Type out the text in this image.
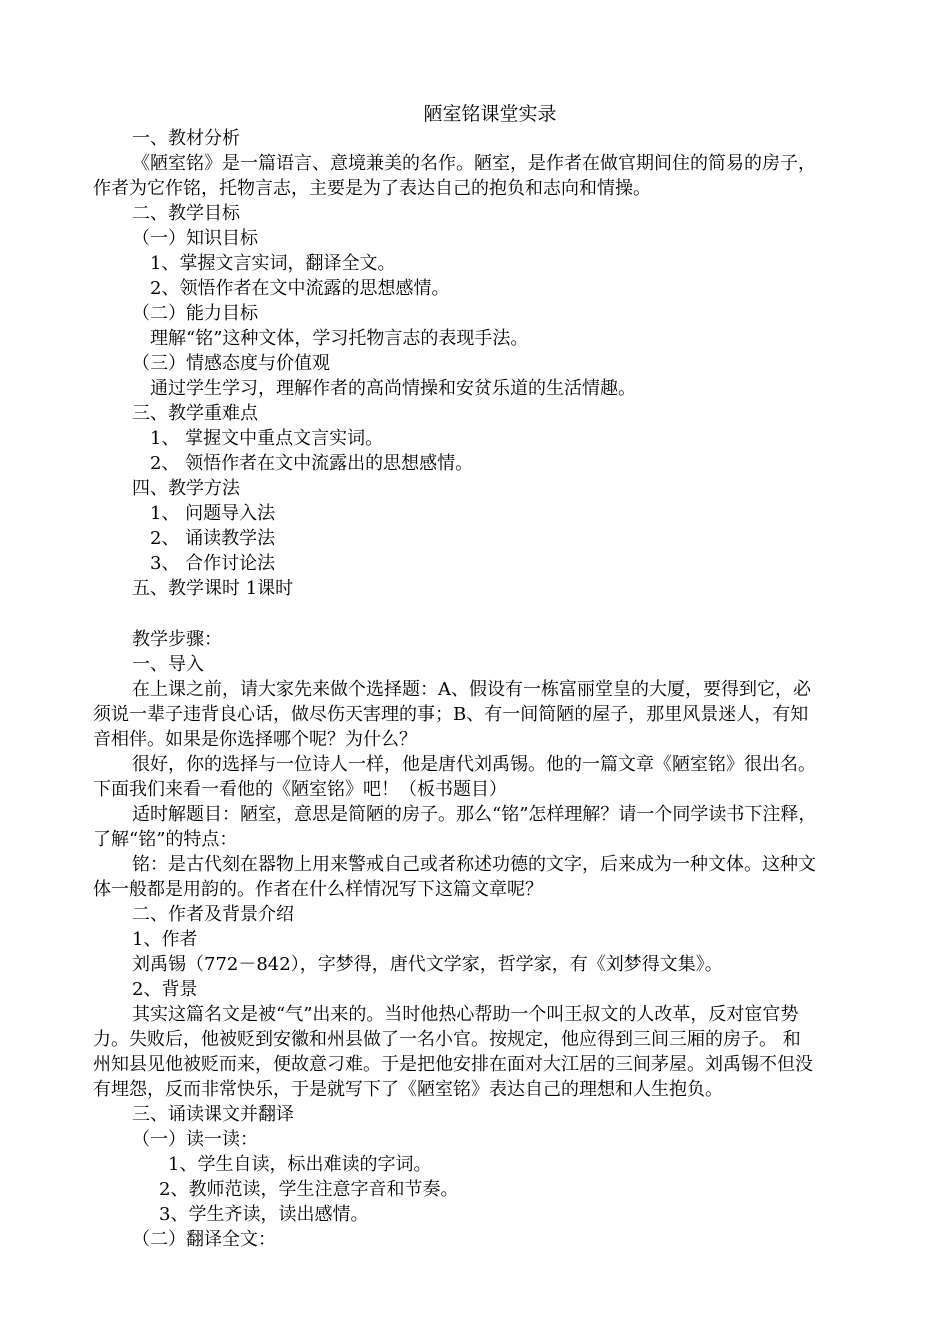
陋室铭课堂实录
一、教材分析
《陋室铭》是一篇语言、意境兼美的名作。陋室，是作者在做官期间住的简易的房子，
作者为它作铭，托物言志，主要是为了表达自己的抱负和志向和情操。
二、教学目标
（一）知识目标
1、掌握文言实词，翻译全文。
2、领悟作者在文中流露的思想感情。
（二）能力目标
理解“铭”这种文体，学习托物言志的表现手法。
（三）情感态度与价值观
通过学生学习，理解作者的高尚情操和安贫乐道的生活情趣。
三、教学重难点
1、 掌握文中重点文言实词。
2、 领悟作者在文中流露出的思想感情。
四、教学方法
1、 问题导入法
2、 诵读教学法
3、 合作讨论法
五、教学课时 1课时
教学步骤：
一、导入
在上课之前，请大家先来做个选择题：A、假设有一栋富丽堂皇的大厦，要得到它，必
须说一辈子违背良心话，做尽伤天害理的事；B、有一间简陋的屋子，那里风景迷人，有知
音相伴。如果是你选择哪个呢？为什么？
很好，你的选择与一位诗人一样，他是唐代刘禹锡。他的一篇文章《陋室铭》很出名。
下面我们来看一看他的《陋室铭》吧！（板书题目）
适时解题目：陋室，意思是简陋的房子。那么“铭”怎样理解？请一个同学读书下注释，
了解“铭”的特点：
铭：是古代刻在器物上用来警戒自己或者称述功德的文字，后来成为一种文体。这种文
体一般都是用韵的。作者在什么样情况写下这篇文章呢？
二、作者及背景介绍
1、作者
刘禹锡（772－842），字梦得，唐代文学家，哲学家，有《刘梦得文集》。
2、背景
其实这篇名文是被“气”出来的。当时他热心帮助一个叫王叔文的人改革，反对宦官势
力。失败后，他被贬到安徽和州县做了一名小官。按规定，他应得到三间三厢的房子。 和
州知县见他被贬而来，便故意刁难。于是把他安排在面对大江居的三间茅屋。刘禹锡不但没
有埋怨，反而非常快乐，于是就写下了《陋室铭》表达自己的理想和人生抱负。
三、诵读课文并翻译
（一）读一读：
1、学生自读，标出难读的字词。
2、教师范读，学生注意字音和节奏。
3、学生齐读，读出感情。
（二）翻译全文：
